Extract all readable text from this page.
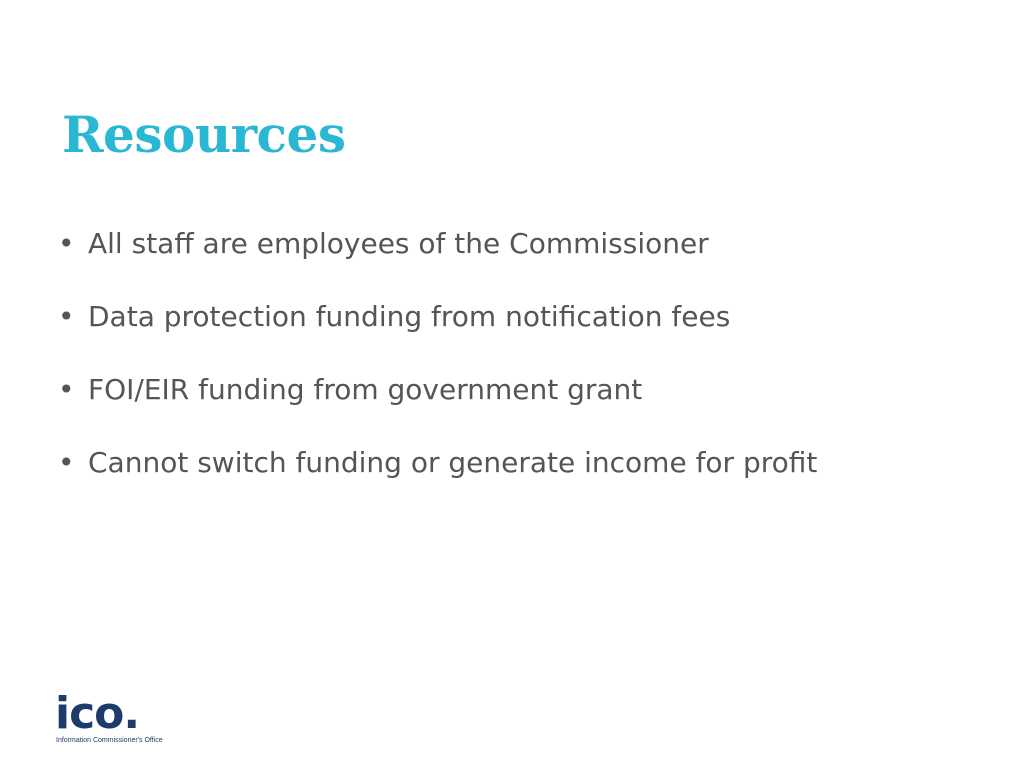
Resources
• All staff are employees of the Commissioner
• Data protection funding from notification fees
• FOI/EIR funding from government grant
• Cannot switch funding or generate income for profit

ico.

Information Commissioner's Office
